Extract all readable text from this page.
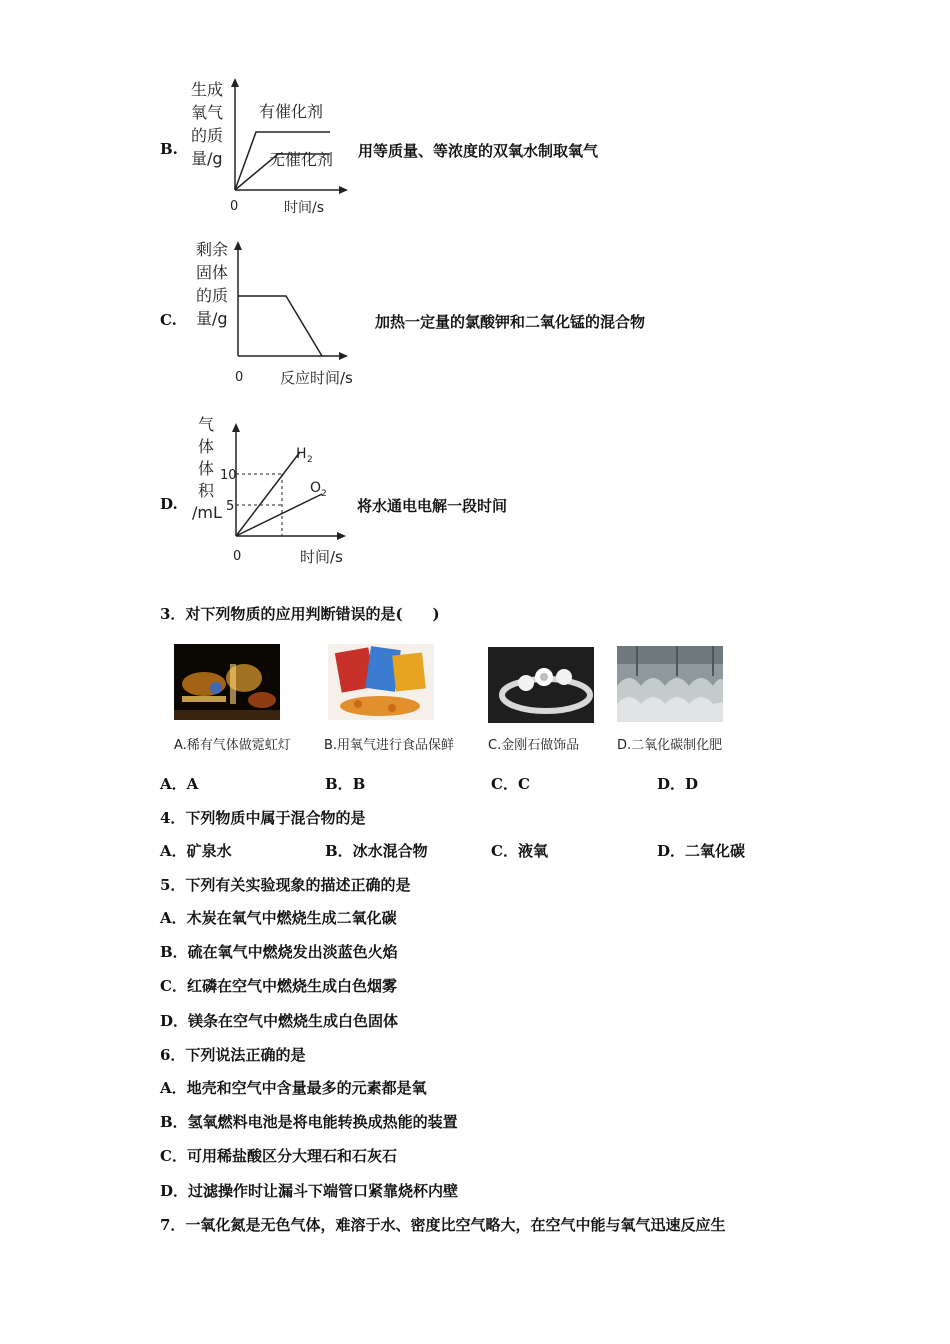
B.
生成
氧气
的质
量/g
有催化剂
无催化剂
0	时间/s
用等质量、等浓度的双氧水制取氧气
C.
剩余
固体
的质
量/g
0 反应时间/s
加热一定量的氯酸钾和二氧化锰的混合物
D.
气
体
体
积
/mL
10
5
H 2
O 2
0	时间/s
将水通电电解一段时间
3．对下列物质的应用判断错误的是(　　)
A.稀有气体做霓虹灯	B.用氧气进行食品保鲜	C.金刚石做饰品	D.二氧化碳制化肥
A．A	B．B	C．C	D．D
4．下列物质中属于混合物的是
A．矿泉水	B．冰水混合物	C．液氧	D．二氧化碳
5．下列有关实验现象的描述正确的是
A．木炭在氧气中燃烧生成二氧化碳
B．硫在氧气中燃烧发出淡蓝色火焰
C．红磷在空气中燃烧生成白色烟雾
D．镁条在空气中燃烧生成白色固体
6．下列说法正确的是
A．地壳和空气中含量最多的元素都是氧
B．氢氧燃料电池是将电能转换成热能的装置
C．可用稀盐酸区分大理石和石灰石
D．过滤操作时让漏斗下端管口紧靠烧杯内壁
7．一氧化氮是无色气体，难溶于水、密度比空气略大，在空气中能与氧气迅速反应生
